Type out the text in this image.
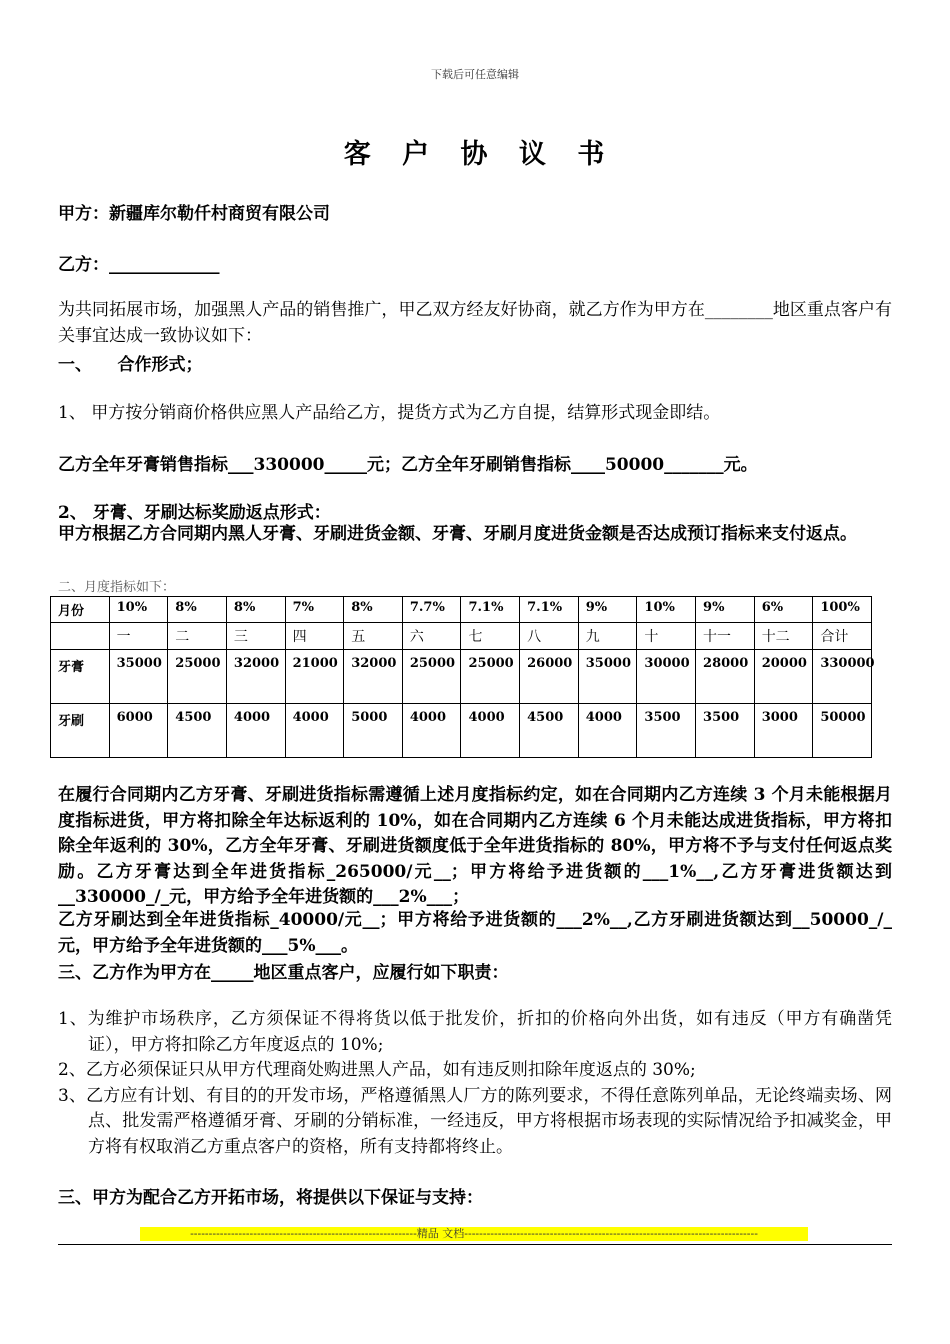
下载后可任意编辑
客 户 协 议 书
甲方：新疆库尔勒仟村商贸有限公司
乙方：_____________
为共同拓展市场，加强黑人产品的销售推广，甲乙双方经友好协商，就乙方作为甲方在________地区重点客户有关事宜达成一致协议如下：
一、　　合作形式；
1、 甲方按分销商价格供应黑人产品给乙方，提货方式为乙方自提，结算形式现金即结。
乙方全年牙膏销售指标___330000_____元；乙方全年牙刷销售指标____50000_______元。
2、 牙膏、牙刷达标奖励返点形式：
甲方根据乙方合同期内黑人牙膏、牙刷进货金额、牙膏、牙刷月度进货金额是否达成预订指标来支付返点。
二、月度指标如下：
月份	10%	8%	8%	7%	8%	7.7%	7.1%	7.1%	9%	10%	9%	6%	100%
	一	二	三	四	五	六	七	八	九	十	十一	十二	合计
牙膏	35000	25000	32000	21000	32000	25000	25000	26000	35000	30000	28000	20000	330000
牙刷	6000	4500	4000	4000	5000	4000	4000	4500	4000	3500	3500	3000	50000
在履行合同期内乙方牙膏、牙刷进货指标需遵循上述月度指标约定，如在合同期内乙方连续 3 个月未能根据月度指标进货，甲方将扣除全年达标返利的 10%，如在合同期内乙方连续 6 个月未能达成进货指标，甲方将扣除全年返利的 30%，乙方全年牙膏、牙刷进货额度低于全年进货指标的 80%，甲方将不予与支付任何返点奖励。乙方牙膏达到全年进货指标_265000/元__；甲方将给予进货额的___1%__,乙方牙膏进货额达到__330000_/_元，甲方给予全年进货额的___2%___；
乙方牙刷达到全年进货指标_40000/元__；甲方将给予进货额的___2%__,乙方牙刷进货额达到__50000_/_元，甲方给予全年进货额的___5%___。
三、乙方作为甲方在_____地区重点客户，应履行如下职责：
1、为维护市场秩序，乙方须保证不得将货以低于批发价，折扣的价格向外出货，如有违反（甲方有确凿凭证），甲方将扣除乙方年度返点的 10%;
2、乙方必须保证只从甲方代理商处购进黑人产品，如有违反则扣除年度返点的 30%;
3、乙方应有计划、有目的的开发市场，严格遵循黑人厂方的陈列要求，不得任意陈列单品，无论终端卖场、网点、批发需严格遵循牙膏、牙刷的分销标准，一经违反，甲方将根据市场表现的实际情况给予扣减奖金，甲方将有权取消乙方重点客户的资格，所有支持都将终止。
三、甲方为配合乙方开拓市场，将提供以下保证与支持：
-------------------------------------------------------------精品 文档-------------------------------------------------------------------------------
